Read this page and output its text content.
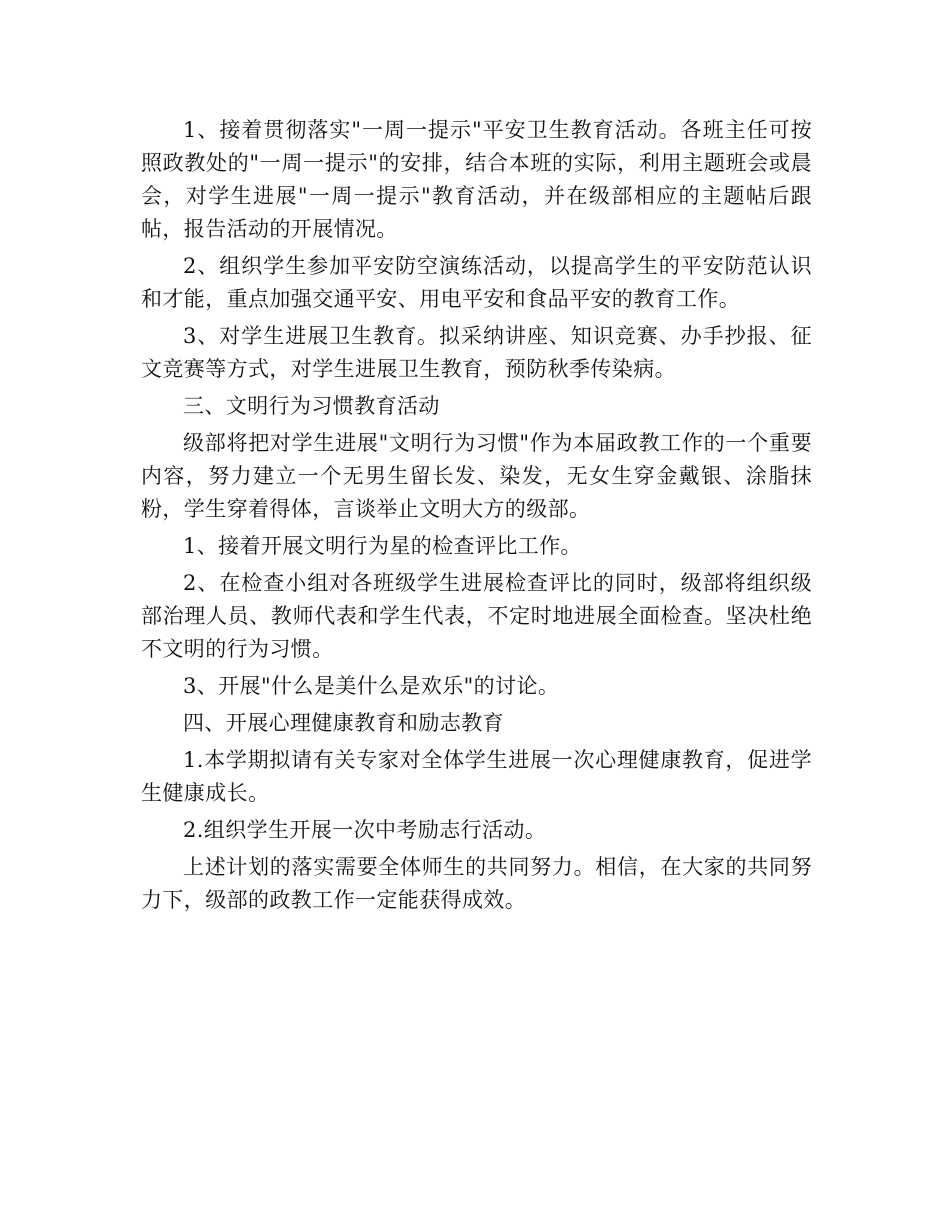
1、接着贯彻落实"一周一提示"平安卫生教育活动。各班主任可按照政教处的"一周一提示"的安排，结合本班的实际，利用主题班会或晨会，对学生进展"一周一提示"教育活动，并在级部相应的主题帖后跟帖，报告活动的开展情况。

2、组织学生参加平安防空演练活动，以提高学生的平安防范认识和才能，重点加强交通平安、用电平安和食品平安的教育工作。

3、对学生进展卫生教育。拟采纳讲座、知识竞赛、办手抄报、征文竞赛等方式，对学生进展卫生教育，预防秋季传染病。

三、文明行为习惯教育活动

级部将把对学生进展"文明行为习惯"作为本届政教工作的一个重要内容，努力建立一个无男生留长发、染发，无女生穿金戴银、涂脂抹粉，学生穿着得体，言谈举止文明大方的级部。

1、接着开展文明行为星的检查评比工作。

2、在检查小组对各班级学生进展检查评比的同时，级部将组织级部治理人员、教师代表和学生代表，不定时地进展全面检查。坚决杜绝不文明的行为习惯。

3、开展"什么是美什么是欢乐"的讨论。

四、开展心理健康教育和励志教育

1.本学期拟请有关专家对全体学生进展一次心理健康教育，促进学生健康成长。

2.组织学生开展一次中考励志行活动。

上述计划的落实需要全体师生的共同努力。相信，在大家的共同努力下，级部的政教工作一定能获得成效。
